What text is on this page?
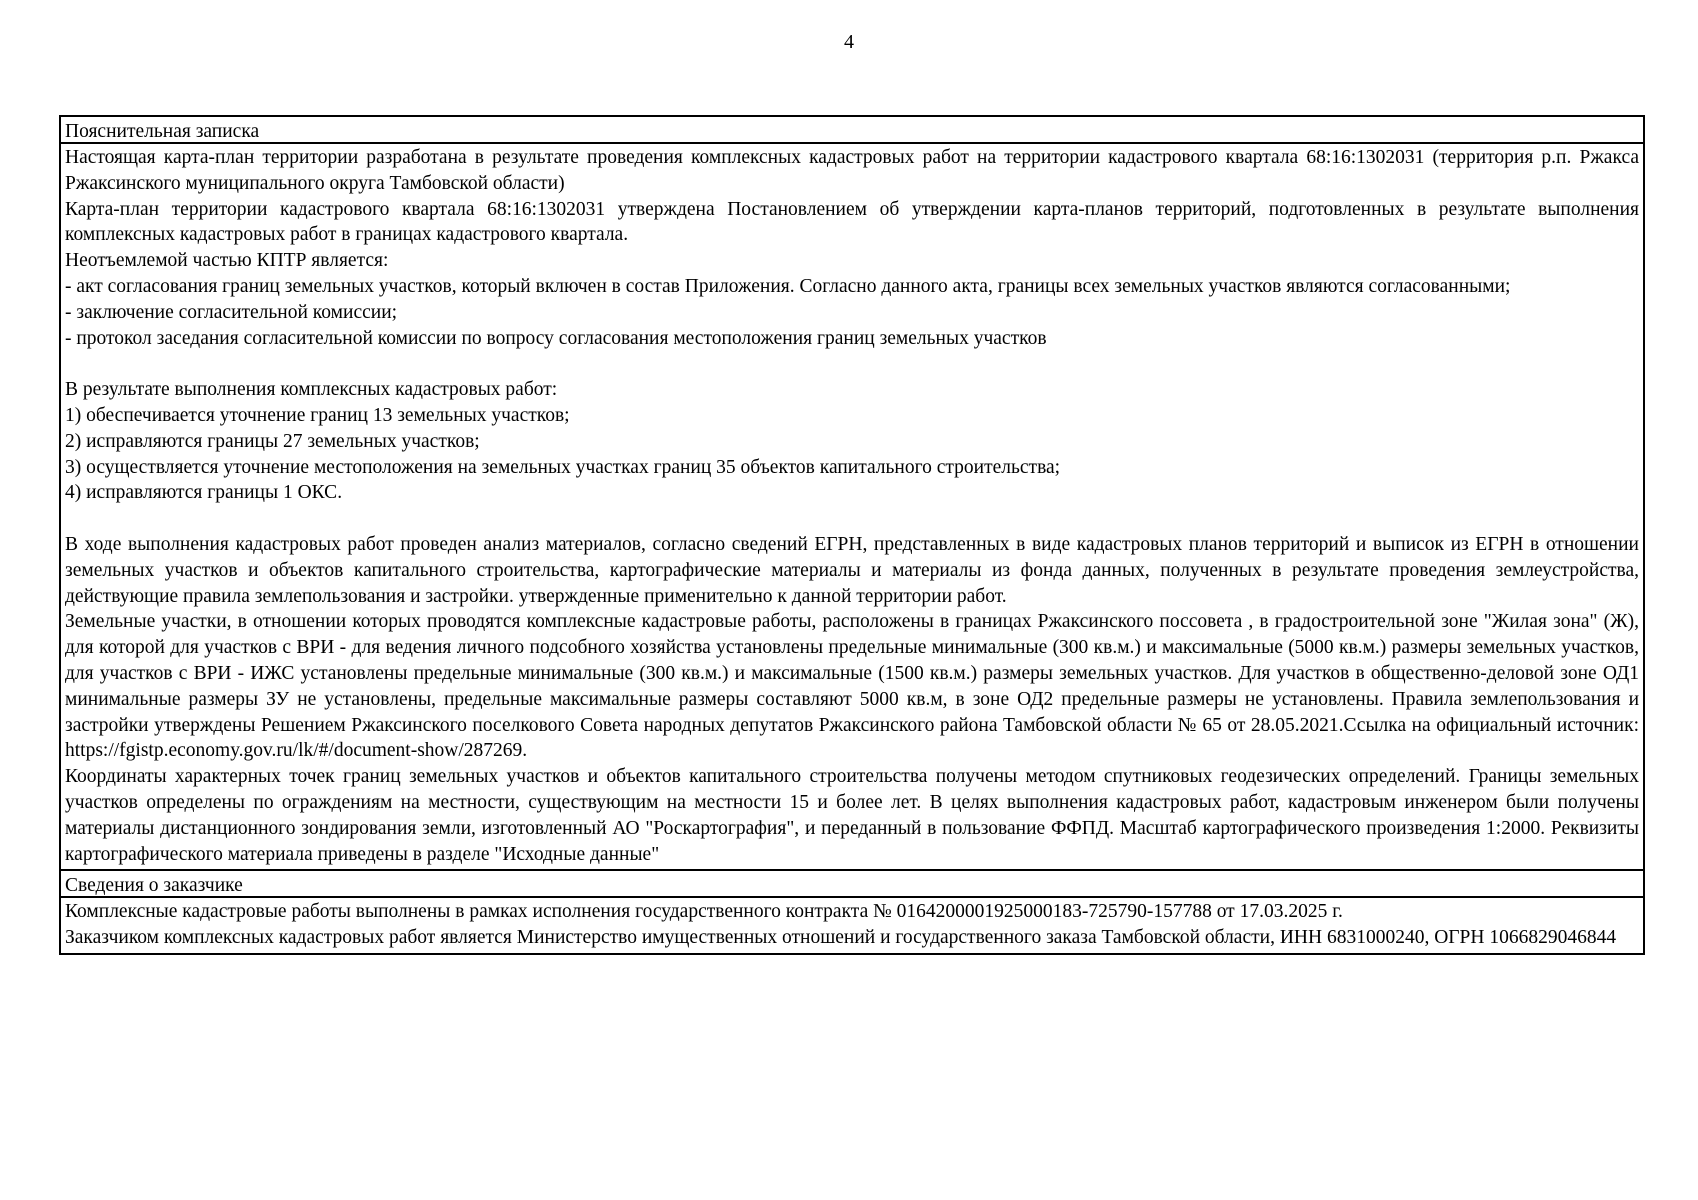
4
Пояснительная записка

Настоящая карта-план территории разработана в результате проведения комплексных кадастровых работ на территории кадастрового квартала 68:16:1302031 (территория р.п. Ржакса Ржаксинского муниципального округа Тамбовской области)

Карта-план территории кадастрового квартала 68:16:1302031 утверждена Постановлением об утверждении карта-планов территорий, подготовленных в результате выполнения комплексных кадастровых работ в границах кадастрового квартала.

Неотъемлемой частью КПТР является:

- акт согласования границ земельных участков, который включен в состав Приложения. Согласно данного акта, границы всех земельных участков являются согласованными;

- заключение согласительной комиссии;

- протокол заседания согласительной комиссии по вопросу согласования местоположения границ земельных участков

В результате выполнения комплексных кадастровых работ:

1) обеспечивается уточнение границ 13 земельных участков;

2) исправляются границы 27 земельных участков;

3) осуществляется уточнение местоположения на земельных участках границ 35 объектов капитального строительства;

4) исправляются границы 1 ОКС.

В ходе выполнения кадастровых работ проведен анализ материалов, согласно сведений ЕГРН, представленных в виде кадастровых планов территорий и выписок из ЕГРН в отношении земельных участков и объектов капитального строительства, картографические материалы и материалы из фонда данных, полученных в результате проведения землеустройства, действующие правила землепользования и застройки. утвержденные применительно к данной территории работ.

Земельные участки, в отношении которых проводятся комплексные кадастровые работы, расположены в границах Ржаксинского поссовета , в градостроительной зоне "Жилая зона" (Ж), для которой для участков с ВРИ - для ведения личного подсобного хозяйства установлены предельные минимальные (300 кв.м.) и максимальные (5000 кв.м.) размеры земельных участков, для участков с ВРИ - ИЖС установлены предельные минимальные (300 кв.м.) и максимальные (1500 кв.м.) размеры земельных участков. Для участков в общественно-деловой зоне ОД1 минимальные размеры ЗУ не установлены, предельные максимальные размеры составляют 5000 кв.м, в зоне ОД2 предельные размеры не установлены. Правила землепользования и застройки утверждены Решением Ржаксинского поселкового Совета народных депутатов Ржаксинского района Тамбовской области № 65 от 28.05.2021.Ссылка на официальный источник: https://fgistp.economy.gov.ru/lk/#/document-show/287269.

Координаты характерных точек границ земельных участков и объектов капитального строительства получены методом спутниковых геодезических определений. Границы земельных участков определены по ограждениям на местности, существующим на местности 15 и более лет. В целях выполнения кадастровых работ, кадастровым инженером были получены материалы дистанционного зондирования земли, изготовленный АО "Роскартография", и переданный в пользование ФФПД. Масштаб картографического произведения 1:2000. Реквизиты картографического материала приведены в разделе "Исходные данные"

Сведения о заказчике

Комплексные кадастровые работы выполнены в рамках исполнения государственного контракта № 0164200001925000183-725790-157788 от 17.03.2025 г.

Заказчиком комплексных кадастровых работ является Министерство имущественных отношений и государственного заказа Тамбовской области, ИНН 6831000240, ОГРН 1066829046844
